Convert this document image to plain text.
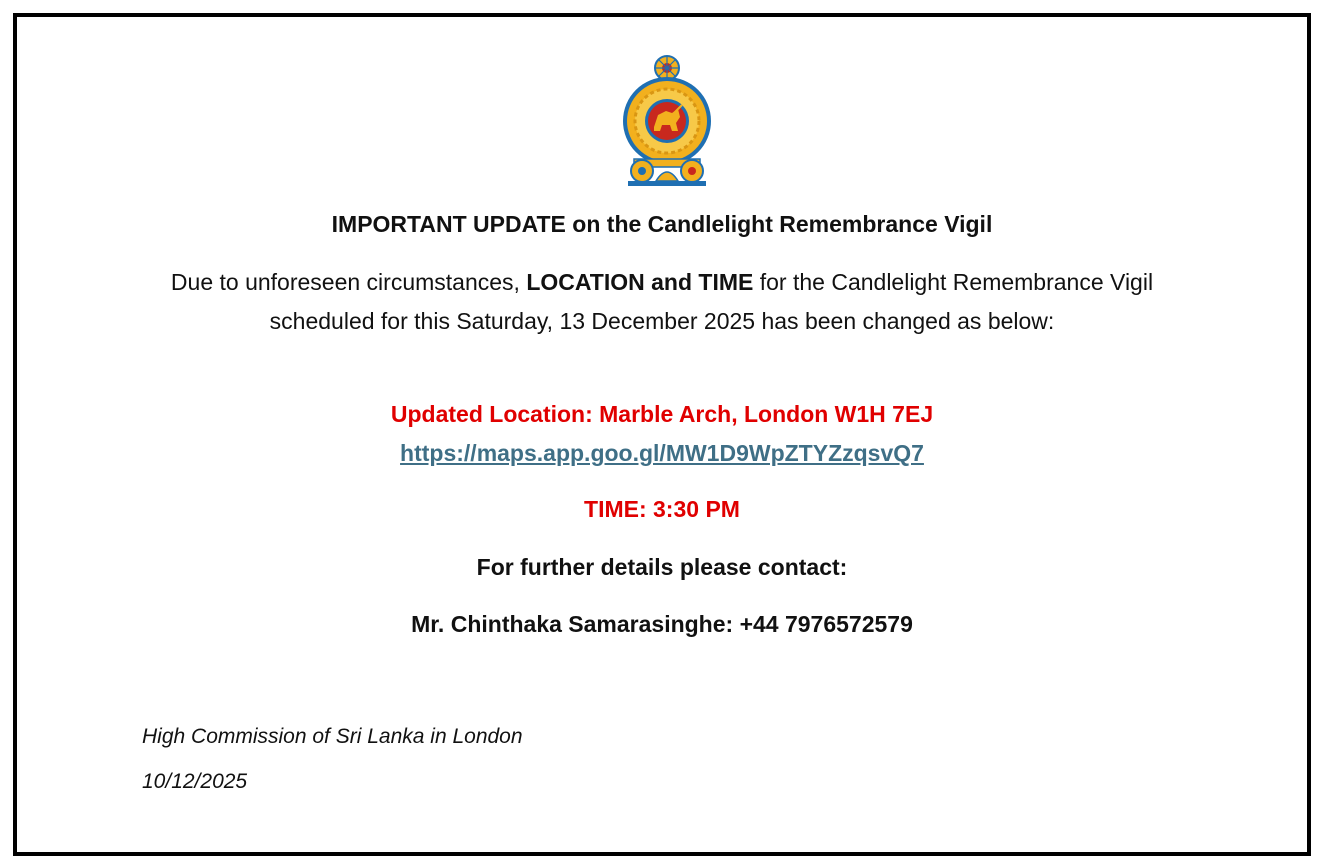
IMPORTANT UPDATE on the Candlelight Remembrance Vigil
Due to unforeseen circumstances, LOCATION and TIME for the Candlelight Remembrance Vigil scheduled for this Saturday, 13 December 2025 has been changed as below:
Updated Location: Marble Arch, London W1H 7EJ
https://maps.app.goo.gl/MW1D9WpZTYZzqsvQ7
TIME: 3:30 PM
For further details please contact:
Mr. Chinthaka Samarasinghe: +44 7976572579
High Commission of Sri Lanka in London
10/12/2025
